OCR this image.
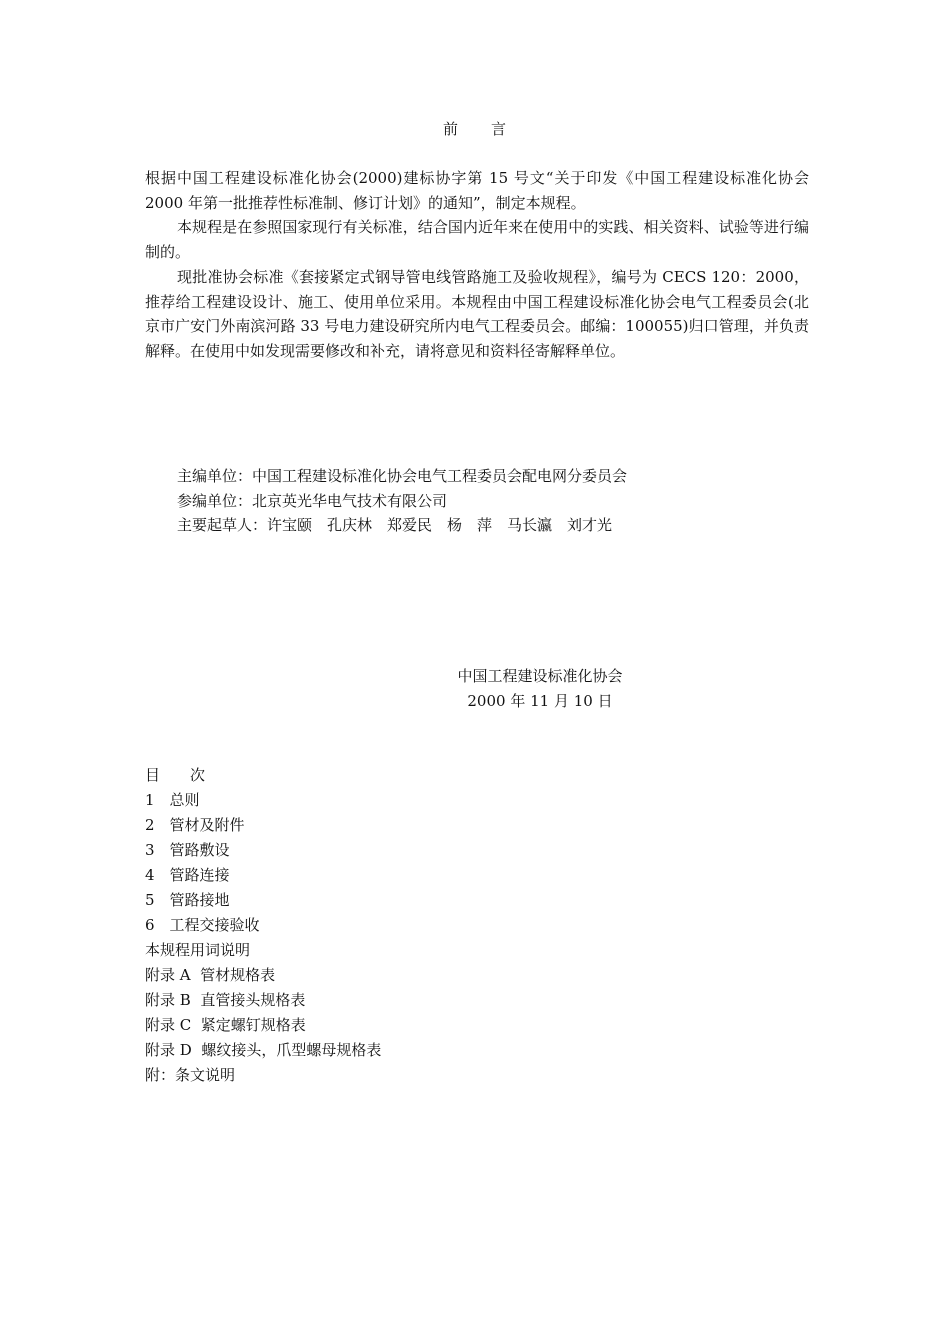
前　　言

根据中国工程建设标准化协会(2000)建标协字第 15 号文“关于印发《中国工程建设标准化协会 2000 年第一批推荐性标准制、修订计划》的通知”，制定本规程。

本规程是在参照国家现行有关标准，结合国内近年来在使用中的实践、相关资料、试验等进行编制的。

现批准协会标准《套接紧定式钢导管电线管路施工及验收规程》，编号为 CECS 120：2000，推荐给工程建设设计、施工、使用单位采用。本规程由中国工程建设标准化协会电气工程委员会(北京市广安门外南滨河路 33 号电力建设研究所内电气工程委员会。邮编：100055)归口管理，并负责解释。在使用中如发现需要修改和补充，请将意见和资料径寄解释单位。

主编单位：中国工程建设标准化协会电气工程委员会配电网分委员会
参编单位：北京英光华电气技术有限公司
主要起草人：许宝颐　孔庆林　郑爱民　杨　萍　马长瀛　刘才光
中国工程建设标准化协会
2000 年 11 月 10 日
目　　次
1　总则
2　管材及附件
3　管路敷设
4　管路连接
5　管路接地
6　工程交接验收
本规程用词说明
附录 A  管材规格表
附录 B  直管接头规格表
附录 C  紧定螺钉规格表
附录 D  螺纹接头，爪型螺母规格表
附：条文说明
